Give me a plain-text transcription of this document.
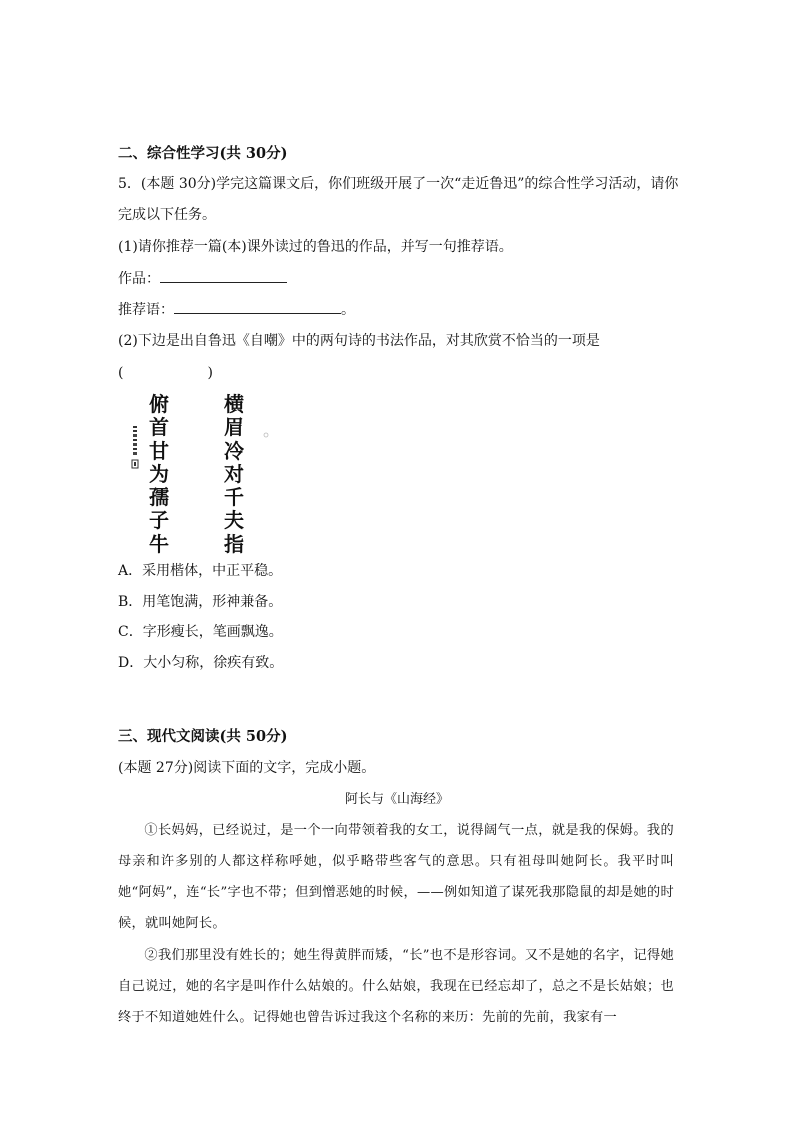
二、综合性学习(共 30分)
5．(本题 30分)学完这篇课文后，你们班级开展了一次“走近鲁迅”的综合性学习活动，请你
完成以下任务。
(1)请你推荐一篇(本)课外读过的鲁迅的作品，并写一句推荐语。
作品：
推荐语：	。
(2)下边是出自鲁迅《自嘲》中的两句诗的书法作品，对其欣赏不恰当的一项是
(	)
俯
首
甘
为
孺
子
牛
横
眉
冷
对
千
夫
指
A．采用楷体，中正平稳。
B．用笔饱满，形神兼备。
C．字形瘦长，笔画飘逸。
D．大小匀称，徐疾有致。
三、现代文阅读(共 50分)
(本题 27分)阅读下面的文字，完成小题。
阿长与《山海经》
①长妈妈，已经说过，是一个一向带领着我的女工，说得阔气一点，就是我的保姆。我的母亲和许多别的人都这样称呼她，似乎略带些客气的意思。只有祖母叫她阿长。我平时叫她“阿妈”，连“长”字也不带；但到憎恶她的时候，——例如知道了谋死我那隐鼠的却是她的时候，就叫她阿长。
②我们那里没有姓长的；她生得黄胖而矮，“长”也不是形容词。又不是她的名字，记得她自己说过，她的名字是叫作什么姑娘的。什么姑娘，我现在已经忘却了，总之不是长姑娘；也终于不知道她姓什么。记得她也曾告诉过我这个名称的来历：先前的先前，我家有一
